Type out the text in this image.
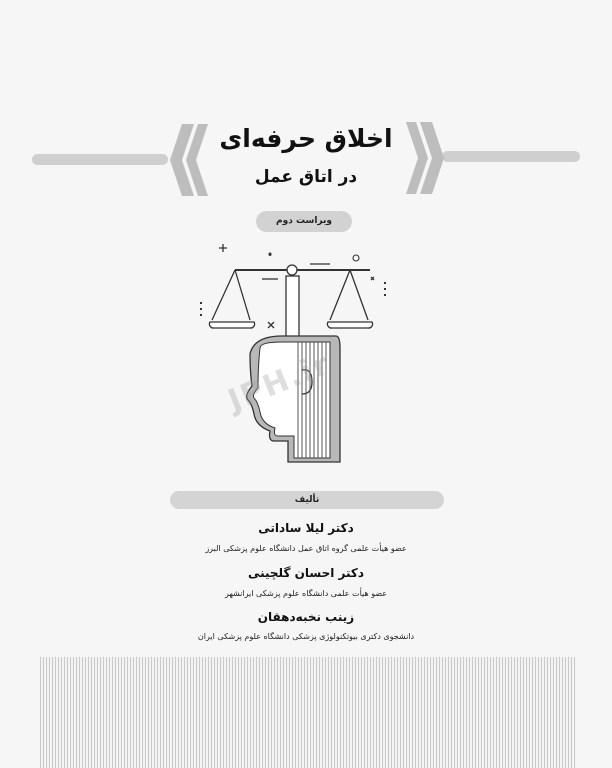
اخلاق حرفه‌ای
در اتاق عمل
ویراست دوم
JPH.ir
تألیف
دکتر لیلا ساداتی
عضو هیأت علمی گروه اتاق عمل دانشگاه علوم پزشکی البرز
دکتر احسان گلچینی
عضو هیأت علمی دانشگاه علوم پزشکی ایرانشهر
زینب نخبه‌دهقان
دانشجوی دکتری بیوتکنولوژی پزشکی دانشگاه علوم پزشکی ایران
